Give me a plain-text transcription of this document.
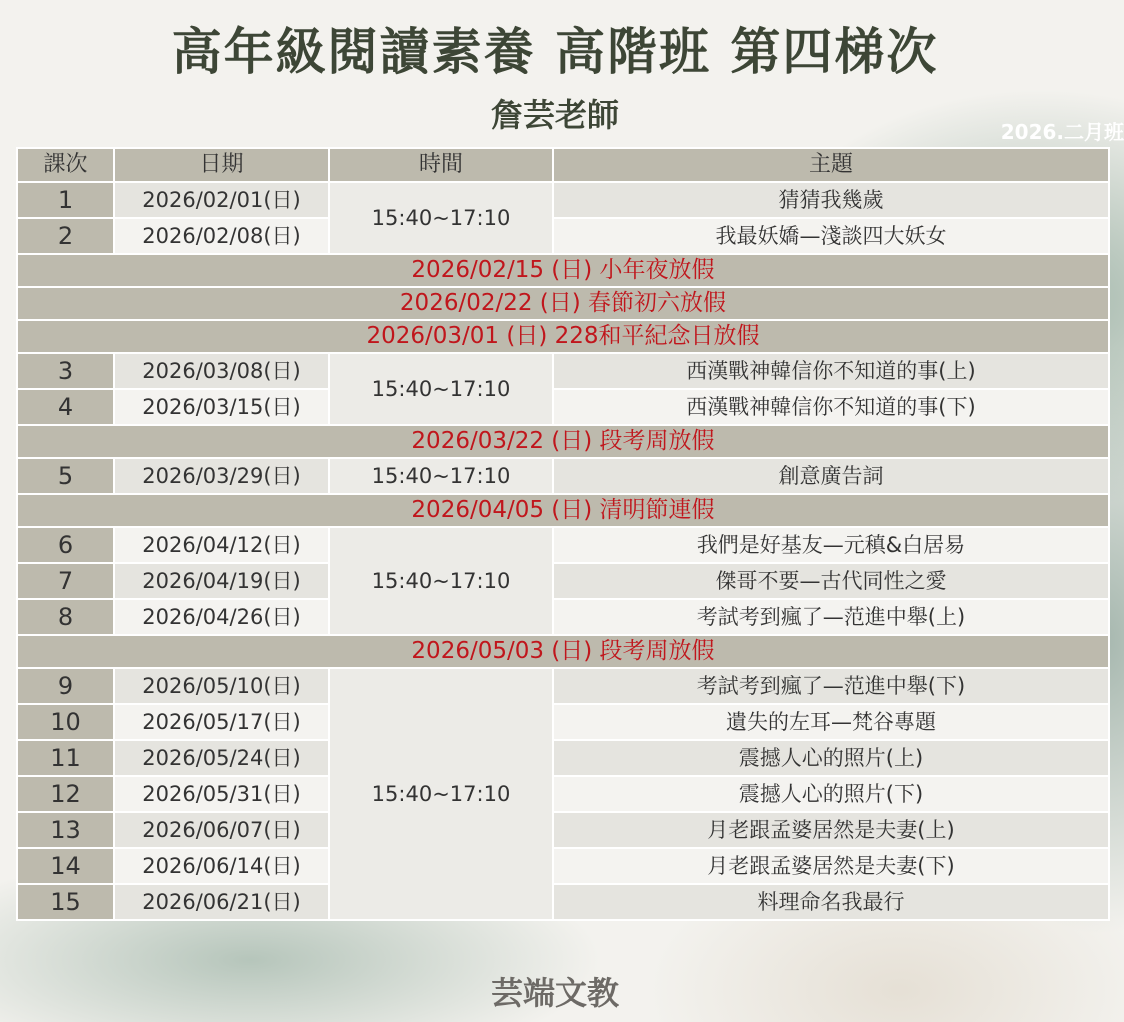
高年級閱讀素養 高階班 第四梯次
詹芸老師	2026.二月班
課次	日期	時間	主題
1	2026/02/01(日)	15:40~17:10	猜猜我幾歲
2	2026/02/08(日)		我最妖嬌—淺談四大妖女
2026/02/15 (日) 小年夜放假			
2026/02/22 (日) 春節初六放假			
2026/03/01 (日) 228和平紀念日放假			
3	2026/03/08(日)	15:40~17:10	西漢戰神韓信你不知道的事(上)
4	2026/03/15(日)		西漢戰神韓信你不知道的事(下)
2026/03/22 (日) 段考周放假			
5	2026/03/29(日)	15:40~17:10	創意廣告詞
2026/04/05 (日) 清明節連假			
6	2026/04/12(日)	15:40~17:10	我們是好基友—元稹&白居易
7	2026/04/19(日)		傑哥不要—古代同性之愛
8	2026/04/26(日)		考試考到瘋了—范進中舉(上)
2026/05/03 (日) 段考周放假			
9	2026/05/10(日)	15:40~17:10	考試考到瘋了—范進中舉(下)
10	2026/05/17(日)		遺失的左耳—梵谷專題
11	2026/05/24(日)		震撼人心的照片(上)
12	2026/05/31(日)		震撼人心的照片(下)
13	2026/06/07(日)		月老跟孟婆居然是夫妻(上)
14	2026/06/14(日)		月老跟孟婆居然是夫妻(下)
15	2026/06/21(日)		料理命名我最行
芸端文教
